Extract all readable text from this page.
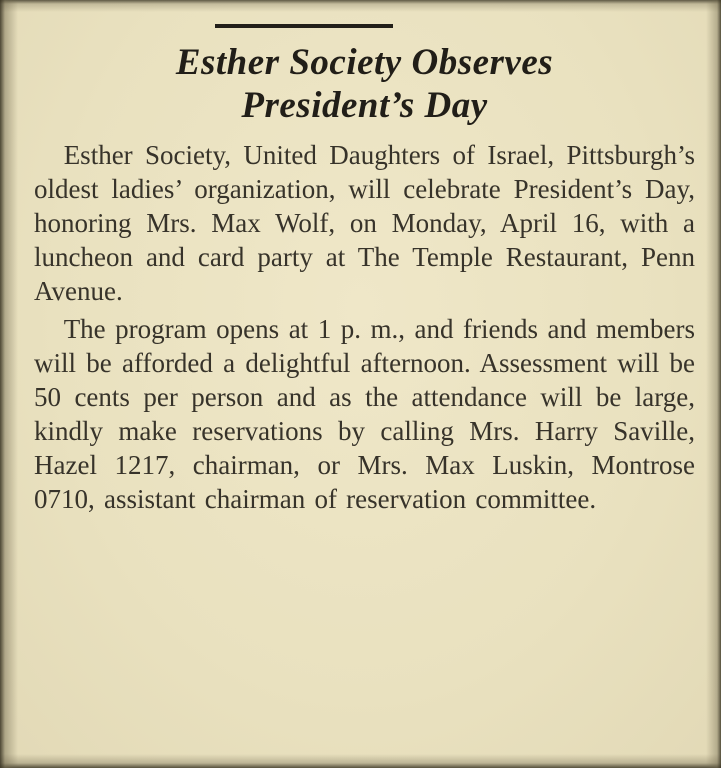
Esther Society Observes
President’s Day

Esther Society, United Daughters of Israel, Pittsburgh’s oldest ladies’ organization, will celebrate President’s Day, honoring Mrs. Max Wolf, on Monday, April 16, with a luncheon and card party at The Temple Restaurant, Penn Avenue.

The program opens at 1 p. m., and friends and members will be afforded a delightful afternoon. Assessment will be 50 cents per person and as the attendance will be large, kindly make reservations by calling Mrs. Harry Saville, Hazel 1217, chairman, or Mrs. Max Luskin, Montrose 0710, assistant chairman of reservation committee.
